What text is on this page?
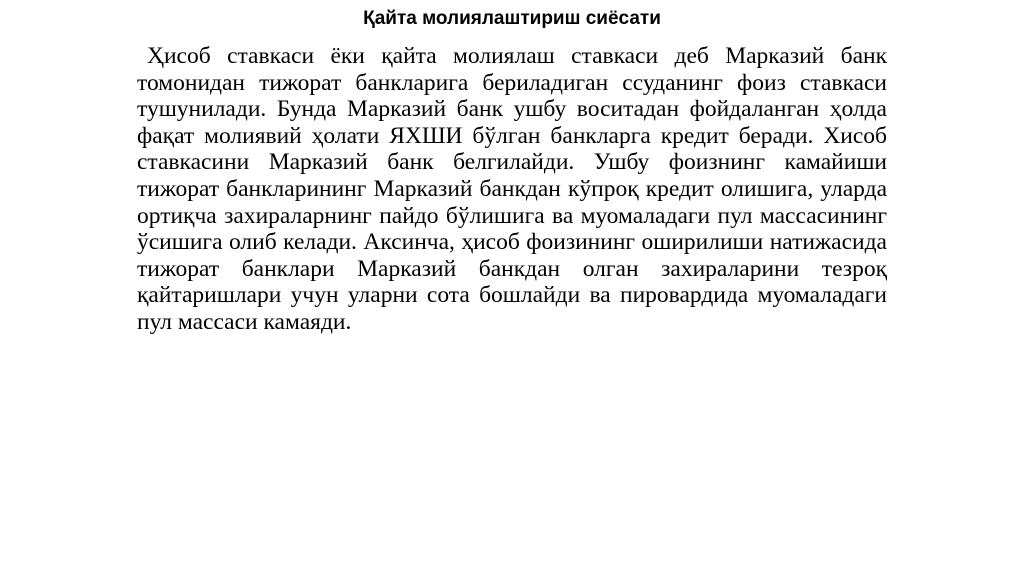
Қайта молиялаштириш сиёсати

Ҳисоб ставкаси ёки қайта молиялаш ставкаси деб Марказий банк томонидан тижорат банкларига бериладиган ссуданинг фоиз ставкаси тушунилади. Бунда Марказий банк ушбу воситадан фойдаланган ҳолда фақат молиявий ҳолати ЯХШИ бўлган банкларга кредит беради. Хисоб ставкасини Марказий банк белгилайди. Ушбу фоизнинг камайиши тижорат банкларининг Марказий банкдан кўпроқ кредит олишига, уларда ортиқча захираларнинг пайдо бўлишига ва муомаладаги пул массасининг ўсишига олиб келади. Аксинча, ҳисоб фоизининг оширилиши натижасида тижорат банклари Марказий банкдан олган захираларини тезроқ қайтаришлари учун уларни сота бошлайди ва пировардида муомаладаги пул массаси камаяди.
